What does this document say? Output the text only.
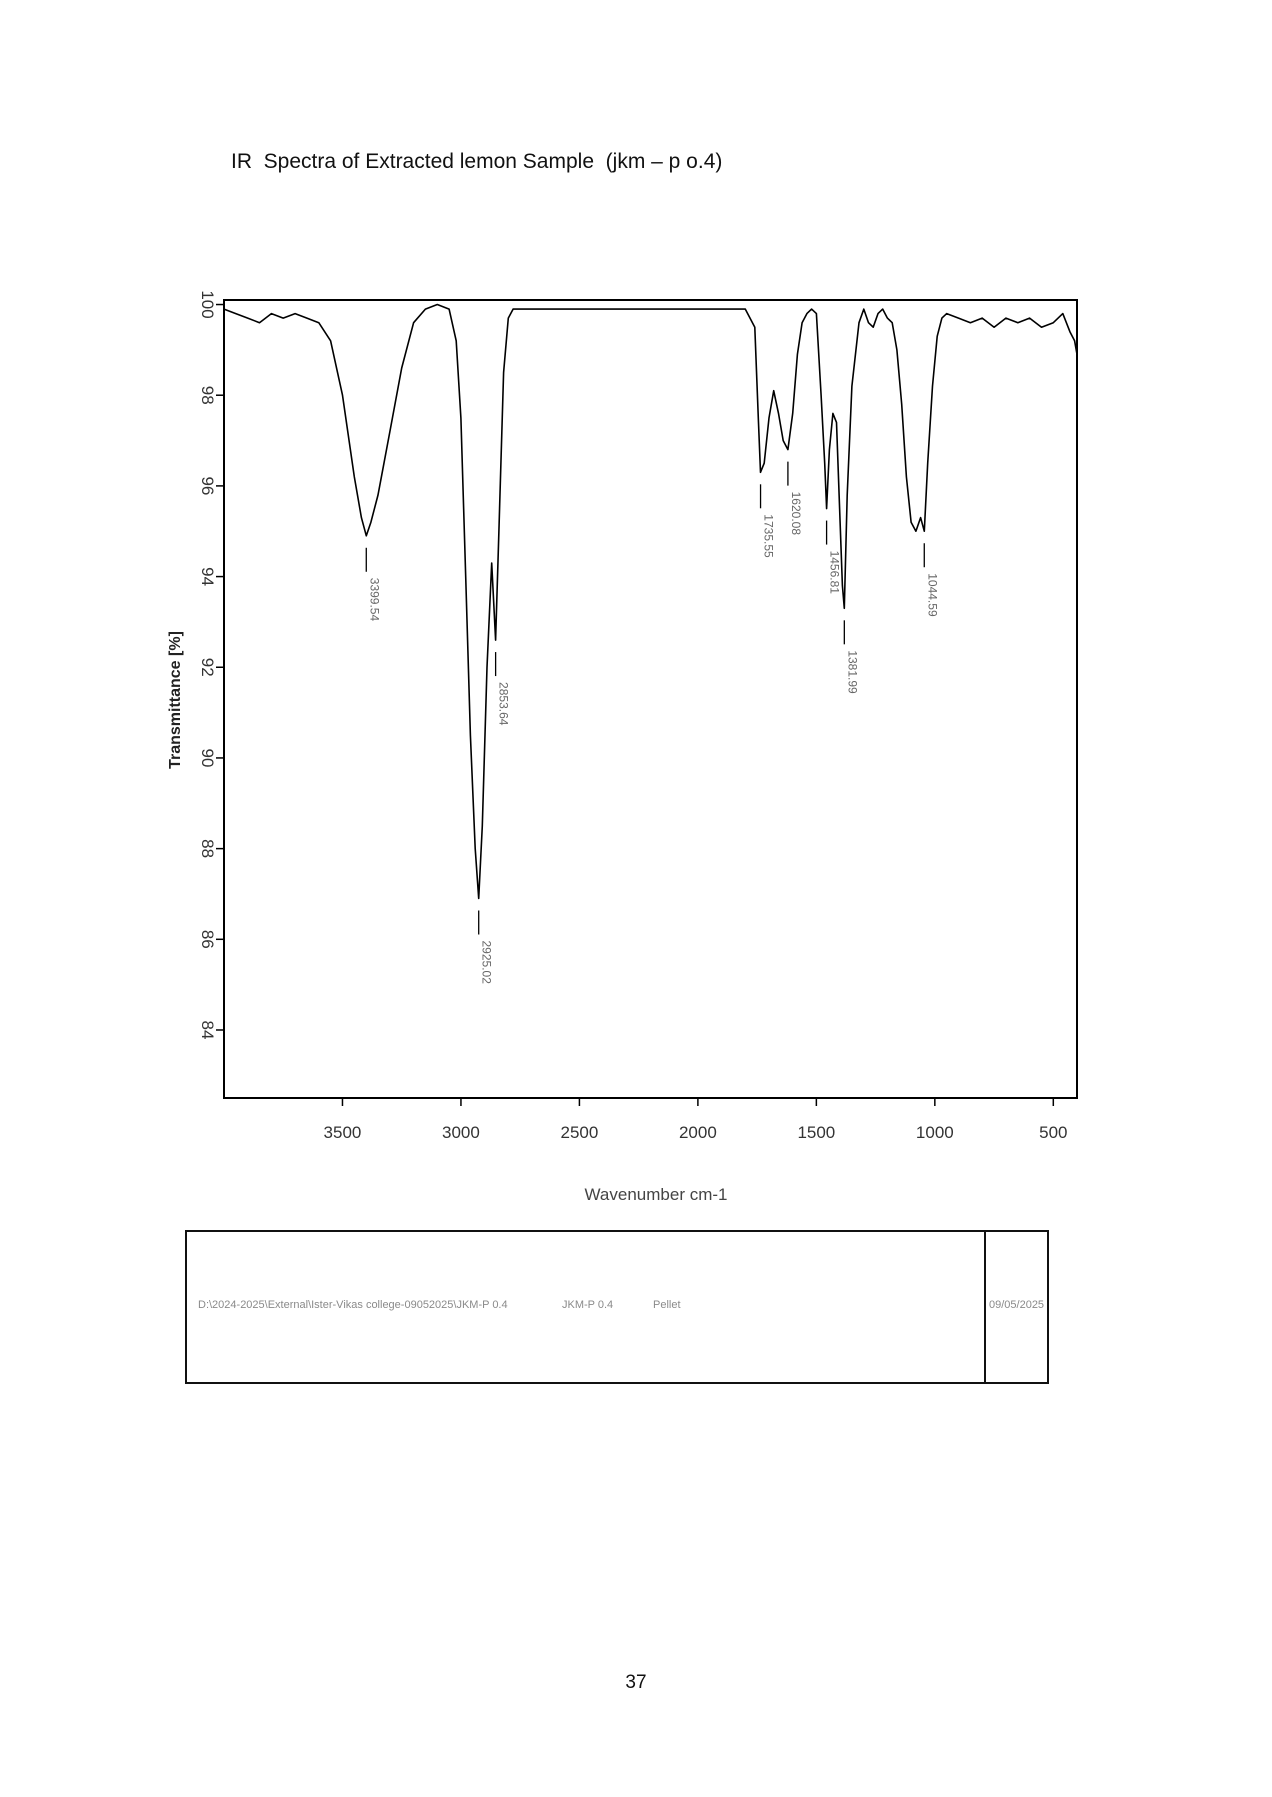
IR  Spectra of Extracted lemon Sample  (jkm – p o.4)
Transmittance [%]
84
86
88
90
92
94
96
98
100
3500	3000	2500	2000	1500	1000	500
3399.54
2925.02
2853.64
1735.55
1620.08
1456.81
1381.99
1044.59
Wavenumber cm-1
D:\2024-2025\External\Ister-Vikas college-09052025\JKM-P 0.4	JKM-P 0.4	Pellet	09/05/2025
37
